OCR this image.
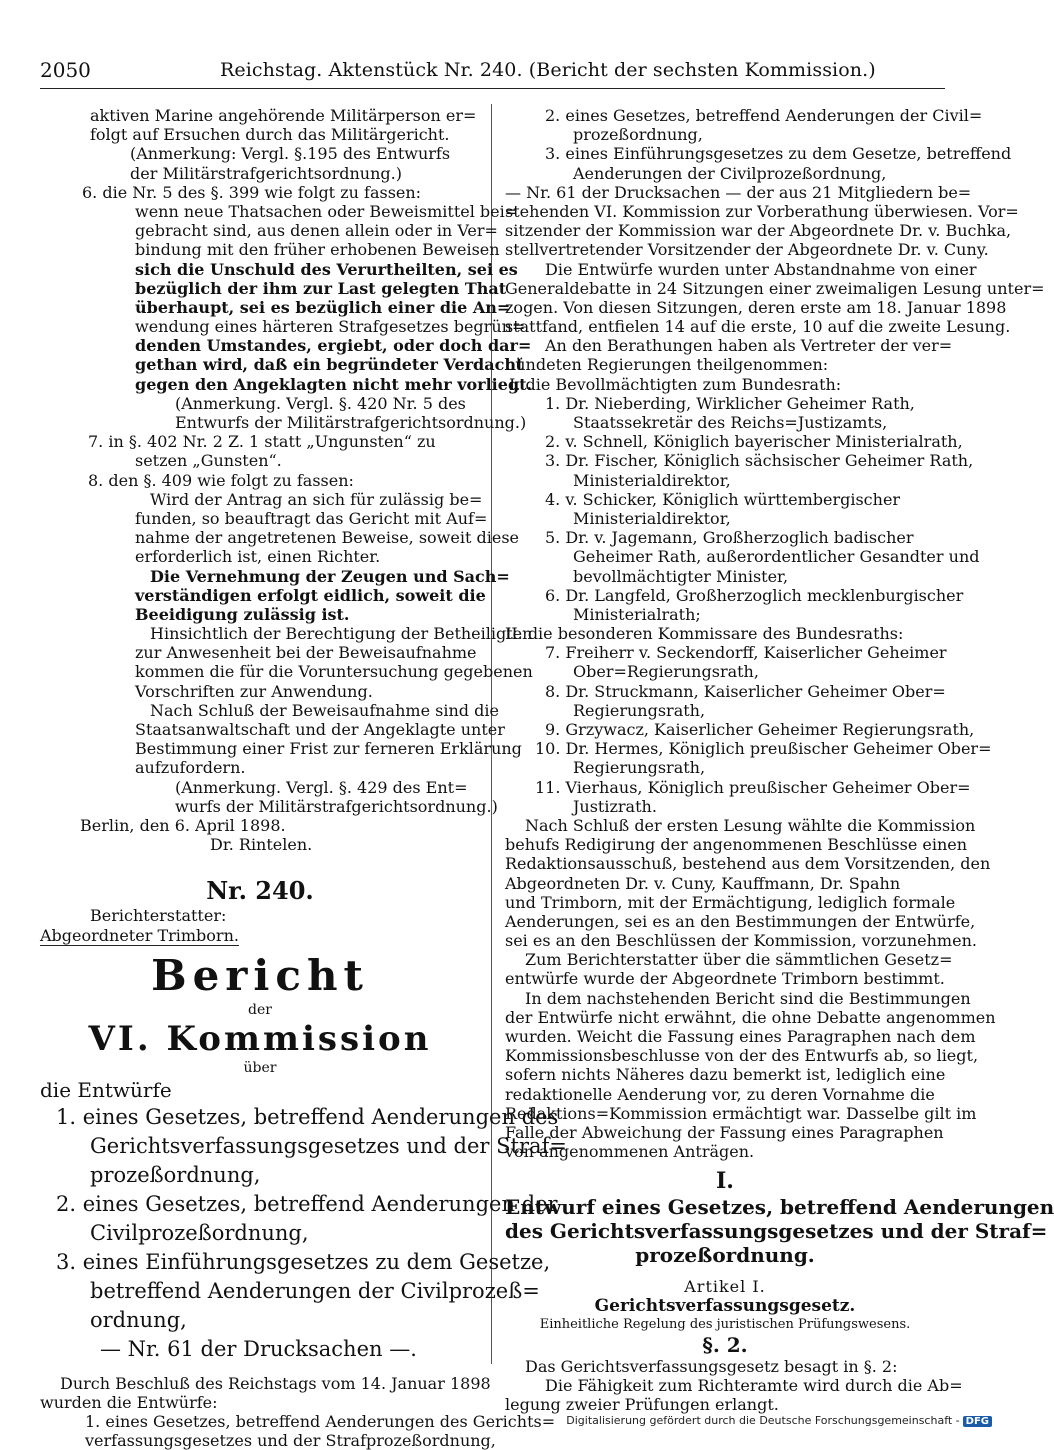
2050	Reichstag. Aktenstück Nr. 240. (Bericht der sechsten Kommission.)
aktiven Marine angehörende Militärperson er=
folgt auf Ersuchen durch das Militärgericht.
(Anmerkung: Vergl. §.195 des Entwurfs
der Militärstrafgerichtsordnung.)
6. die Nr. 5 des §. 399 wie folgt zu fassen:
wenn neue Thatsachen oder Beweismittel bei=
gebracht sind, aus denen allein oder in Ver=
bindung mit den früher erhobenen Beweisen
sich die Unschuld des Verurtheilten, sei es
bezüglich der ihm zur Last gelegten That
überhaupt, sei es bezüglich einer die An=
wendung eines härteren Strafgesetzes begrün=
denden Umstandes, ergiebt, oder doch dar=
gethan wird, daß ein begründeter Verdacht
gegen den Angeklagten nicht mehr vorliegt.
(Anmerkung. Vergl. §. 420 Nr. 5 des
Entwurfs der Militärstrafgerichtsordnung.)
7. in §. 402 Nr. 2 Z. 1 statt „Ungunsten“ zu
setzen „Gunsten“.
8. den §. 409 wie folgt zu fassen:
Wird der Antrag an sich für zulässig be=
funden, so beauftragt das Gericht mit Auf=
nahme der angetretenen Beweise, soweit diese
erforderlich ist, einen Richter.
Die Vernehmung der Zeugen und Sach=
verständigen erfolgt eidlich, soweit die
Beeidigung zulässig ist.
Hinsichtlich der Berechtigung der Betheiligten
zur Anwesenheit bei der Beweisaufnahme
kommen die für die Voruntersuchung gegebenen
Vorschriften zur Anwendung.
Nach Schluß der Beweisaufnahme sind die
Staatsanwaltschaft und der Angeklagte unter
Bestimmung einer Frist zur ferneren Erklärung
aufzufordern.
(Anmerkung. Vergl. §. 429 des Ent=
wurfs der Militärstrafgerichtsordnung.)
Berlin, den 6. April 1898.
Dr. Rintelen.
Nr. 240.
Berichterstatter:
Abgeordneter Trimborn.
Bericht
der
VI. Kommission
über
die Entwürfe
1. eines Gesetzes, betreffend Aenderungen des
Gerichtsverfassungsgesetzes und der Straf=
prozeßordnung,
2. eines Gesetzes, betreffend Aenderungen der
Civilprozeßordnung,
3. eines Einführungsgesetzes zu dem Gesetze,
betreffend Aenderungen der Civilprozeß=
ordnung,
— Nr. 61 der Drucksachen —.
Durch Beschluß des Reichstags vom 14. Januar 1898
wurden die Entwürfe:
1. eines Gesetzes, betreffend Aenderungen des Gerichts=
verfassungsgesetzes und der Strafprozeßordnung,
2. eines Gesetzes, betreffend Aenderungen der Civil=
prozeßordnung,
3. eines Einführungsgesetzes zu dem Gesetze, betreffend
Aenderungen der Civilprozeßordnung,
— Nr. 61 der Drucksachen — der aus 21 Mitgliedern be=
stehenden VI. Kommission zur Vorberathung überwiesen. Vor=
sitzender der Kommission war der Abgeordnete Dr. v. Buchka,
stellvertretender Vorsitzender der Abgeordnete Dr. v. Cuny.
Die Entwürfe wurden unter Abstandnahme von einer
Generaldebatte in 24 Sitzungen einer zweimaligen Lesung unter=
zogen. Von diesen Sitzungen, deren erste am 18. Januar 1898
stattfand, entfielen 14 auf die erste, 10 auf die zweite Lesung.
An den Berathungen haben als Vertreter der ver=
bündeten Regierungen theilgenommen:
I. die Bevollmächtigten zum Bundesrath:
1. Dr. Nieberding, Wirklicher Geheimer Rath,
Staatssekretär des Reichs=Justizamts,
2. v. Schnell, Königlich bayerischer Ministerialrath,
3. Dr. Fischer, Königlich sächsischer Geheimer Rath,
Ministerialdirektor,
4. v. Schicker, Königlich württembergischer
Ministerialdirektor,
5. Dr. v. Jagemann, Großherzoglich badischer
Geheimer Rath, außerordentlicher Gesandter und
bevollmächtigter Minister,
6. Dr. Langfeld, Großherzoglich mecklenburgischer
Ministerialrath;
II. die besonderen Kommissare des Bundesraths:
7. Freiherr v. Seckendorff, Kaiserlicher Geheimer
Ober=Regierungsrath,
8. Dr. Struckmann, Kaiserlicher Geheimer Ober=
Regierungsrath,
9. Grzywacz, Kaiserlicher Geheimer Regierungsrath,
10. Dr. Hermes, Königlich preußischer Geheimer Ober=
Regierungsrath,
11. Vierhaus, Königlich preußischer Geheimer Ober=
Justizrath.
Nach Schluß der ersten Lesung wählte die Kommission
behufs Redigirung der angenommenen Beschlüsse einen
Redaktionsausschuß, bestehend aus dem Vorsitzenden, den
Abgeordneten Dr. v. Cuny, Kauffmann, Dr. Spahn
und Trimborn, mit der Ermächtigung, lediglich formale
Aenderungen, sei es an den Bestimmungen der Entwürfe,
sei es an den Beschlüssen der Kommission, vorzunehmen.
Zum Berichterstatter über die sämmtlichen Gesetz=
entwürfe wurde der Abgeordnete Trimborn bestimmt.
In dem nachstehenden Bericht sind die Bestimmungen
der Entwürfe nicht erwähnt, die ohne Debatte angenommen
wurden. Weicht die Fassung eines Paragraphen nach dem
Kommissionsbeschlusse von der des Entwurfs ab, so liegt,
sofern nichts Näheres dazu bemerkt ist, lediglich eine
redaktionelle Aenderung vor, zu deren Vornahme die
Redaktions=Kommission ermächtigt war. Dasselbe gilt im
Falle der Abweichung der Fassung eines Paragraphen
von angenommenen Anträgen.
I.
Entwurf eines Gesetzes, betreffend Aenderungen
des Gerichtsverfassungsgesetzes und der Straf=
prozeßordnung.
Artikel I.
Gerichtsverfassungsgesetz.
Einheitliche Regelung des juristischen Prüfungswesens.
§. 2.
Das Gerichtsverfassungsgesetz besagt in §. 2:
Die Fähigkeit zum Richteramte wird durch die Ab=
legung zweier Prüfungen erlangt.
Digitalisierung gefördert durch die Deutsche Forschungsgemeinschaft - DFG
